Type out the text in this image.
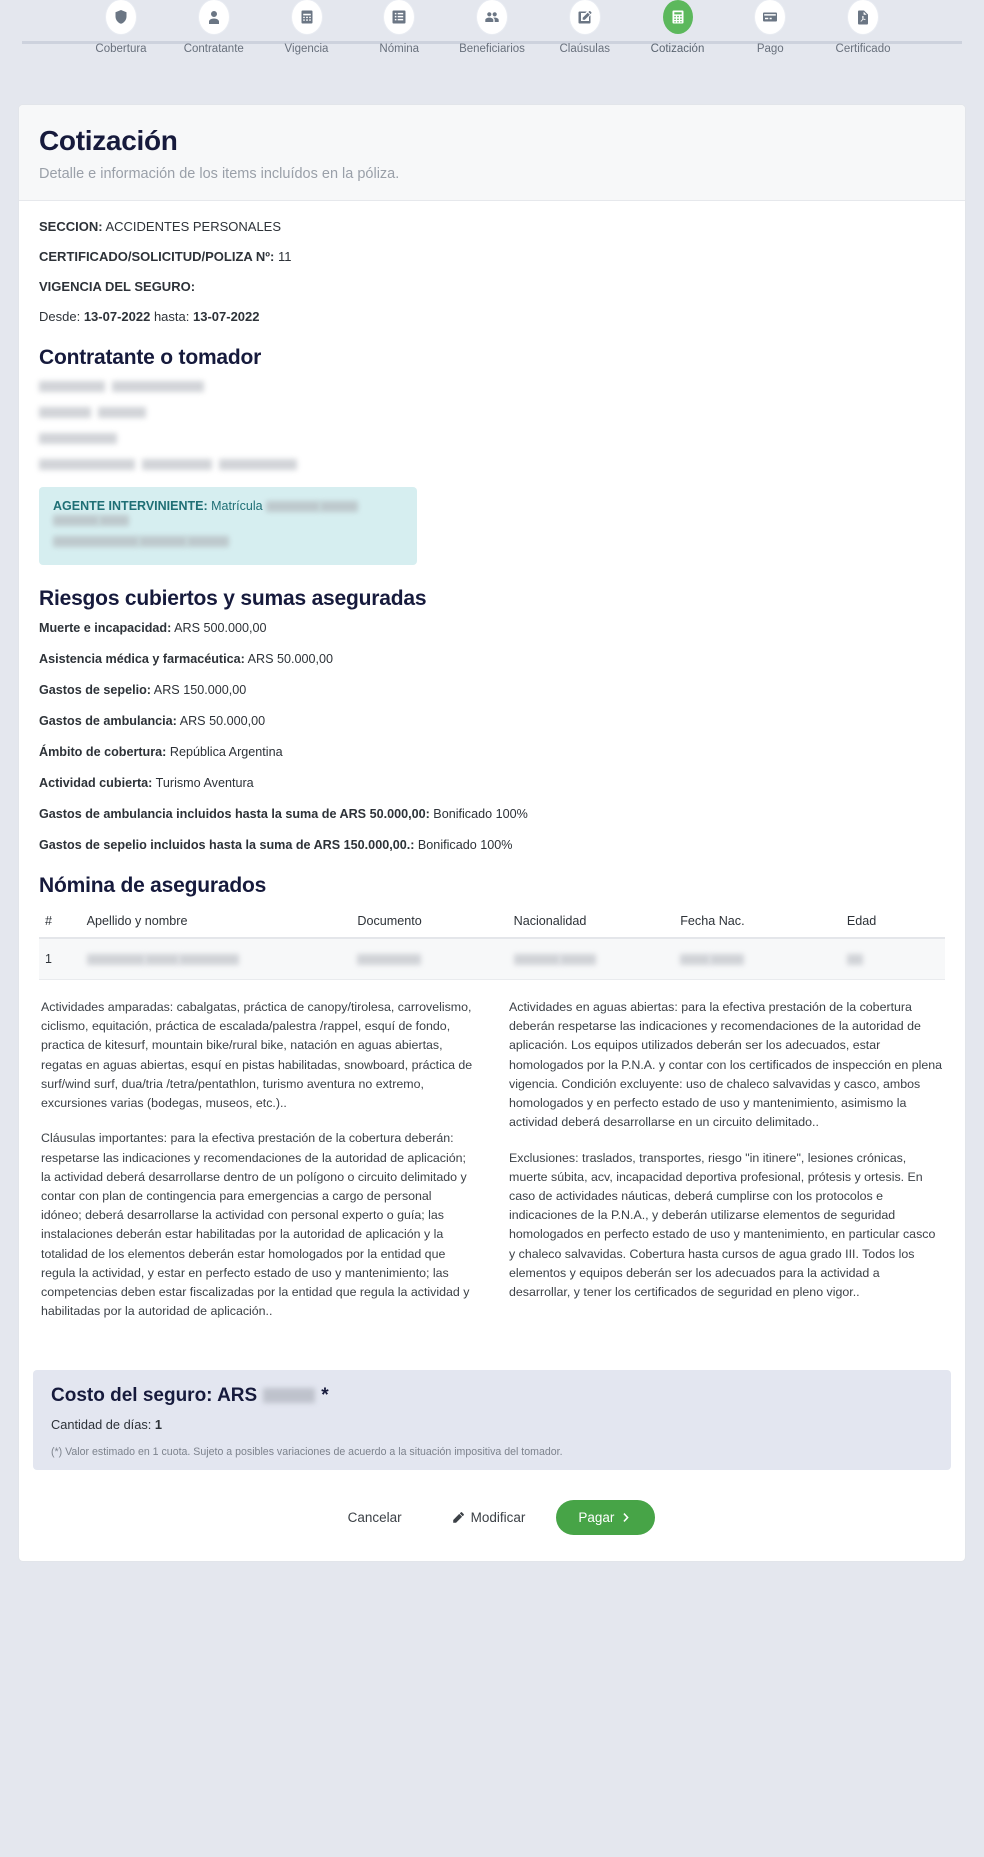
Cobertura	Contratante	Vigencia	Nómina	Beneficiarios	Claúsulas	Cotización	Pago	Certificado
Cotización

Detalle e información de los items incluídos en la póliza.

SECCION: ACCIDENTES PERSONALES

CERTIFICADO/SOLICITUD/POLIZA Nº: 11

VIGENCIA DEL SEGURO:

Desde: 13-07-2022 hasta: 13-07-2022

Contratante o tomador
AGENTE INTERVINIENTE: Matrícula
Riesgos cubiertos y sumas aseguradas

Muerte e incapacidad: ARS 500.000,00

Asistencia médica y farmacéutica: ARS 50.000,00

Gastos de sepelio: ARS 150.000,00

Gastos de ambulancia: ARS 50.000,00

Ámbito de cobertura: República Argentina

Actividad cubierta: Turismo Aventura

Gastos de ambulancia incluidos hasta la suma de ARS 50.000,00: Bonificado 100%

Gastos de sepelio incluidos hasta la suma de ARS 150.000,00.: Bonificado 100%

Nómina de asegurados
#	Apellido y nombre	Documento	Nacionalidad	Fecha Nac.	Edad
1					

Actividades amparadas: cabalgatas, práctica de canopy/tirolesa, carrovelismo, ciclismo, equitación, práctica de escalada/palestra /rappel, esquí de fondo, practica de kitesurf, mountain bike/rural bike, natación en aguas abiertas, regatas en aguas abiertas, esquí en pistas habilitadas, snowboard, práctica de surf/wind surf, dua/tria /tetra/pentathlon, turismo aventura no extremo, excursiones varias (bodegas, museos, etc.)..

Cláusulas importantes: para la efectiva prestación de la cobertura deberán: respetarse las indicaciones y recomendaciones de la autoridad de aplicación; la actividad deberá desarrollarse dentro de un polígono o circuito delimitado y contar con plan de contingencia para emergencias a cargo de personal idóneo; deberá desarrollarse la actividad con personal experto o guía; las instalaciones deberán estar habilitadas por la autoridad de aplicación y la totalidad de los elementos deberán estar homologados por la entidad que regula la actividad, y estar en perfecto estado de uso y mantenimiento; las competencias deben estar fiscalizadas por la entidad que regula la actividad y habilitadas por la autoridad de aplicación..

Actividades en aguas abiertas: para la efectiva prestación de la cobertura deberán respetarse las indicaciones y recomendaciones de la autoridad de aplicación. Los equipos utilizados deberán ser los adecuados, estar homologados por la P.N.A. y contar con los certificados de inspección en plena vigencia. Condición excluyente: uso de chaleco salvavidas y casco, ambos homologados y en perfecto estado de uso y mantenimiento, asimismo la actividad deberá desarrollarse en un circuito delimitado..

Exclusiones: traslados, transportes, riesgo "in itinere", lesiones crónicas, muerte súbita, acv, incapacidad deportiva profesional, prótesis y ortesis. En caso de actividades náuticas, deberá cumplirse con los protocolos e indicaciones de la P.N.A., y deberán utilizarse elementos de seguridad homologados en perfecto estado de uso y mantenimiento, en particular casco y chaleco salvavidas. Cobertura hasta cursos de agua grado III. Todos los elementos y equipos deberán ser los adecuados para la actividad a desarrollar, y tener los certificados de seguridad en pleno vigor..

Costo del seguro: ARS	*

Cantidad de días: 1

(*) Valor estimado en 1 cuota. Sujeto a posibles variaciones de acuerdo a la situación impositiva del tomador.

Cancelar	Modificar	Pagar
